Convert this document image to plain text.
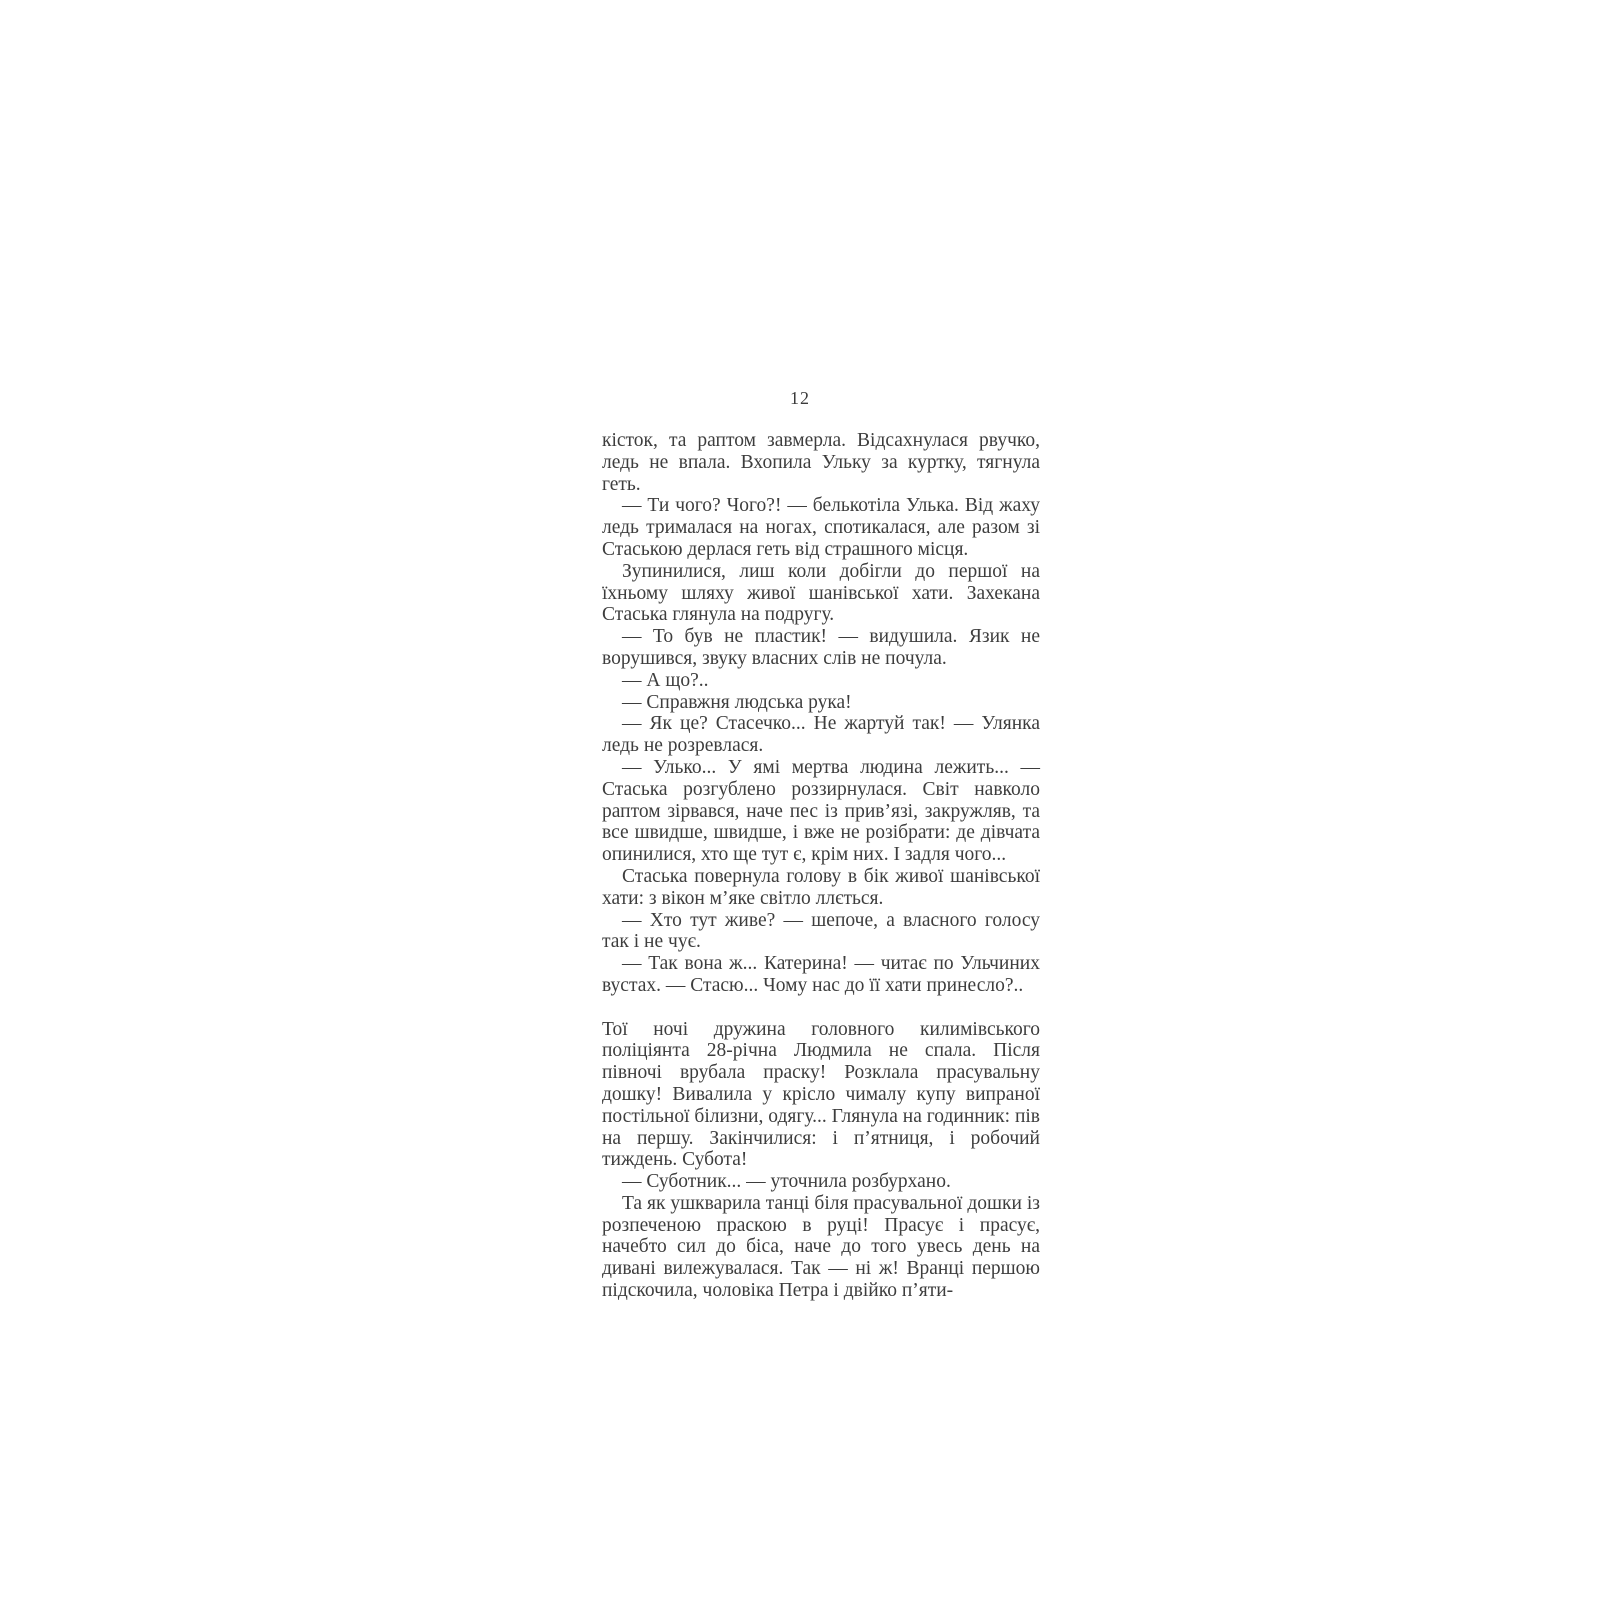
12

кісток, та раптом завмерла. Відсахнулася рвучко, ледь не впала. Вхопила Ульку за куртку, тягнула геть.

— Ти чого? Чого?! — белькотіла Улька. Від жаху ледь трималася на ногах, спотикалася, але разом зі Стаською дерлася геть від страшного місця.

Зупинилися, лиш коли добігли до першої на їхньому шляху живої шанівської хати. Захекана Стаська глянула на подругу.

— То був не пластик! — видушила. Язик не ворушився, звуку власних слів не почула.

— А що?..

— Справжня людська рука!

— Як це? Стасечко... Не жартуй так! — Улянка ледь не розревлася.

— Улько... У ямі мертва людина лежить... — Стаська розгублено роззирнулася. Світ навколо раптом зірвався, наче пес із прив’язі, закружляв, та все швидше, швидше, і вже не розібрати: де дівчата опинилися, хто ще тут є, крім них. І задля чого...

Стаська повернула голову в бік живої шанівської хати: з вікон м’яке світло ллється.

— Хто тут живе? — шепоче, а власного голосу так і не чує.

— Так вона ж... Катерина! — читає по Ульчиних вустах. — Стасю... Чому нас до її хати принесло?..

Тої ночі дружина головного килимівського поліціянта 28-річна Людмила не спала. Після півночі врубала праску! Розклала прасувальну дошку! Вивалила у крісло чималу купу випраної постільної білизни, одягу... Глянула на годинник: пів на першу. Закінчилися: і п’ятниця, і робочий тиждень. Субота!

— Суботник... — уточнила розбурхано.

Та як ушкварила танці біля прасувальної дошки із розпеченою праскою в руці! Прасує і прасує, начебто сил до біса, наче до того увесь день на дивані вилежувалася. Так — ні ж! Вранці першою підскочила, чоловіка Петра і двійко п’яти-
